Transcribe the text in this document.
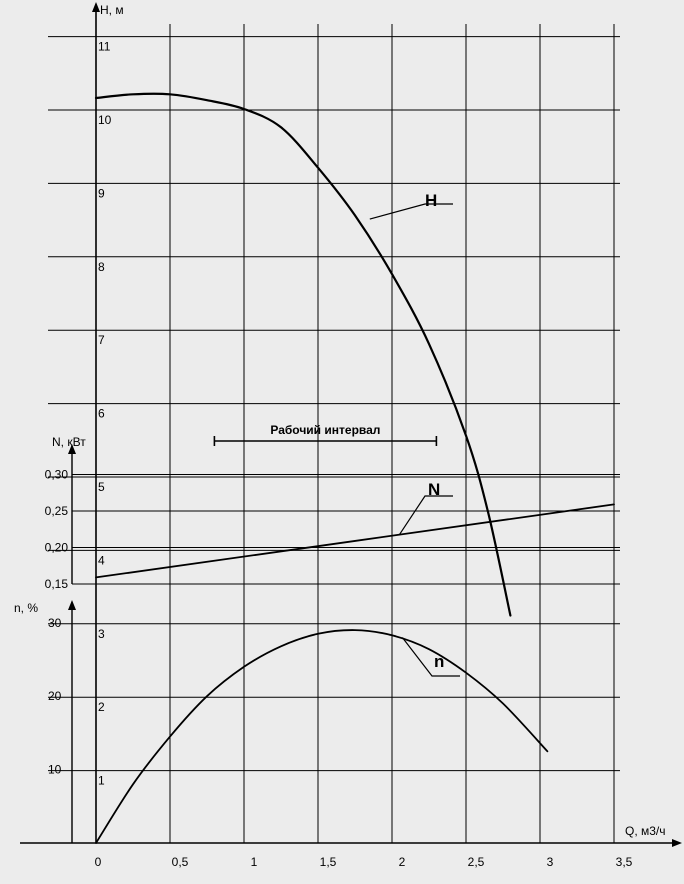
H, м
N, кВт
n, %
Q, м3/ч
1
2
3
4
5
6
7
8
9
10
11
0,15
0,20
0,25
0,30
10
20
30
0	0,5	1	1,5	2	2,5	3	3,5
H
N
n
Рабочий интервал
